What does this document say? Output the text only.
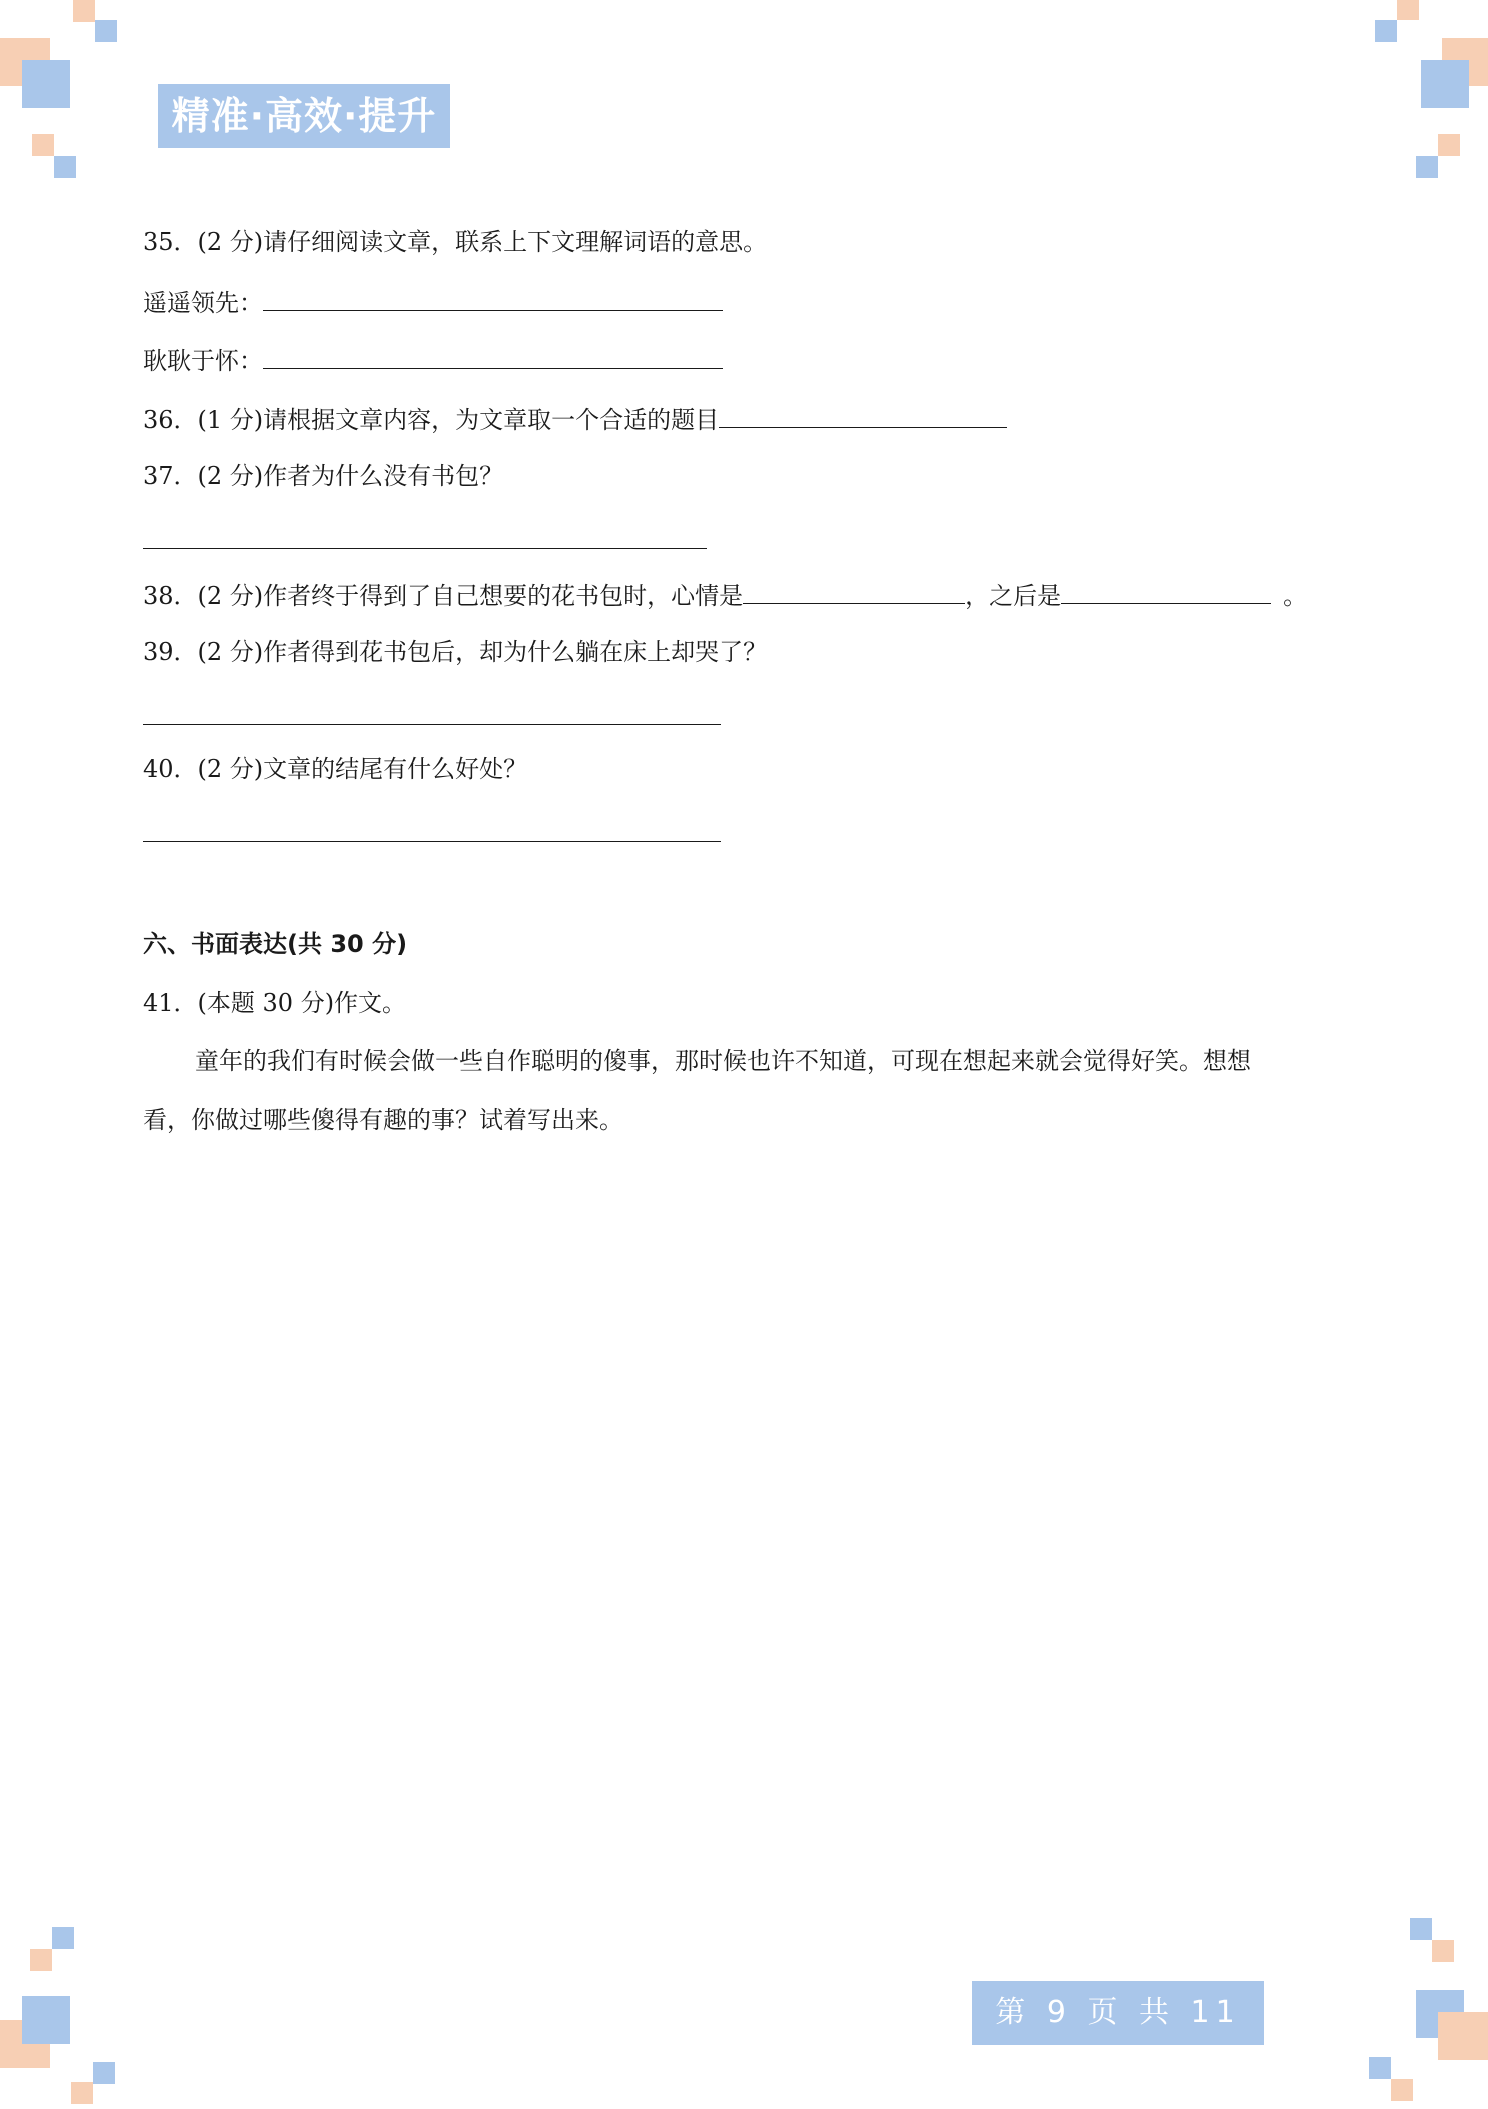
精准·高效·提升
35．(2 分)请仔细阅读文章，联系上下文理解词语的意思。
遥遥领先：
耿耿于怀：
36．(1 分)请根据文章内容，为文章取一个合适的题目
37．(2 分)作者为什么没有书包？
38．(2 分)作者终于得到了自己想要的花书包时，心情是	，之后是	。
39．(2 分)作者得到花书包后，却为什么躺在床上却哭了？
40．(2 分)文章的结尾有什么好处？
六、书面表达(共 30 分)
41．(本题 30 分)作文。
童年的我们有时候会做一些自作聪明的傻事，那时候也许不知道，可现在想起来就会觉得好笑。想想
看，你做过哪些傻得有趣的事？试着写出来。
第 9 页 共 11 页
